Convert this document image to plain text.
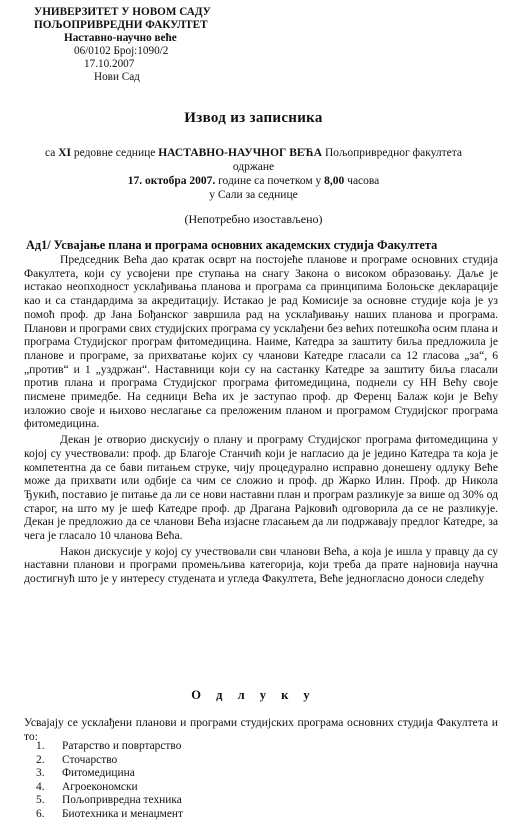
УНИВЕРЗИТЕТ У НОВОМ САДУ
ПОЉОПРИВРЕДНИ ФАКУЛТЕТ
Наставно-научно веће
06/0102 Број:1090/2
17.10.2007
Нови Сад
Извод из записника
са XI редовне седнице НАСТАВНО-НАУЧНОГ ВЕЋА Пољопривредног факултета
одржане
17. октобра 2007. године са почетком у 8,00 часова
у Сали за седнице
(Непотребно изостављено)
Ад1/ Усвајање плана и програма основних академских студија Факултета

Председник Већа дао кратак осврт на постојеће планове и програме основних студија Факултета, који су усвојени пре ступања на снагу Закона о високом образовању. Даље је истакао неопходност усклађивања планова и програма са принципима Болоњске декларације као и са стандардима за акредитацију. Истакао је рад Комисије за основне студије која је уз помоћ проф. др Јана Бођанског завршила рад на усклађивању наших планова и програма. Планови и програми свих студијских програма су усклађени без већих потешкоћа осим плана и програма Студијског програм фитомедицина. Наиме, Катедра за заштиту биља предложила је планове и програме, за прихватање којих су чланови Катедре гласали са 12 гласова „за“, 6 „против“ и 1 „уздржан“. Наставници који су на састанку Катедре за заштиту биља гласали против плана и програма Студијског програма фитомедицина, поднели су НН Већу своје писмене примедбе. На седници Већа их је заступао проф. др Ференц Балаж који је Већу изложио своје и њихово неслагање са преложеним планом и програмом Студијског програма фитомедицина.

Декан је отворио дискусију о плану и програму Студијског програма фитомедицина у којој су учествовали: проф. др Благоје Станчић који је нагласио да је једино Катедра та која је компетентна да се бави питањем струке, чију процедурално исправно донешену одлуку Веће може да прихвати или одбије са чим се сложио и проф. др Жарко Илин. Проф. др Никола Ђукић, поставио је питање да ли се нови наставни план и програм разликује за више од 30% од старог, на што му је шеф Катедре проф. др Драгана Рајковић одговорила да се не разликује. Декан је предложио да се чланови Већа изјасне гласањем да ли подржавају предлог Катедре, за чега је гласало 10 чланова Већа.

Након дискусије у којој су учествовали сви чланови Већа, а која је ишла у правцу да су наставни планови и програми промењљива категорија, који треба да прате најновија научна достигнућ што је у интересу студената и угледа Факултета, Веће једногласно доноси следећу

О д л у к у

Усвајају се усклађени планови и програми студијских програма основних студија Факултета и то:

1.	Ратарство и повртарство
2.	Сточарство
3.	Фитомедицина
4.	Агроекономски
5.	Пољопривредна техника
6.	Биотехника и менаџмент
